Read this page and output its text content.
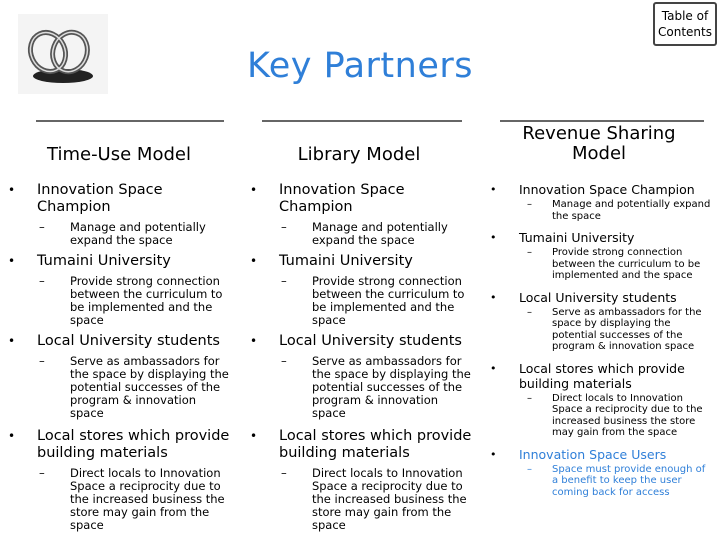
Table of Contents
Key Partners
Time-Use Model
•	Innovation Space Champion
– Manage and potentially expand the space
•	Tumaini University
– Provide strong connection between the curriculum to be implemented and the space
•	Local University students
– Serve as ambassadors for the space by displaying the potential successes of the program & innovation space
•	Local stores which provide building materials
– Direct locals to Innovation Space a reciprocity due to the increased business the store may gain from the space
Library Model
•	Innovation Space Champion
– Manage and potentially expand the space
•	Tumaini University
– Provide strong connection between the curriculum to be implemented and the space
•	Local University students
– Serve as ambassadors for the space by displaying the potential successes of the program & innovation space
•	Local stores which provide building materials
– Direct locals to Innovation Space a reciprocity due to the increased business the store may gain from the space
Revenue Sharing Model
•	Innovation Space Champion
– Manage and potentially expand the space
•	Tumaini University
– Provide strong connection between the curriculum to be implemented and the space
•	Local University students
– Serve as ambassadors for the space by displaying the potential successes of the program & innovation space
•	Local stores which provide building materials
– Direct locals to Innovation Space a reciprocity due to the increased business the store may gain from the space
•	Innovation Space Users
– Space must provide enough of a benefit to keep the user coming back for access
